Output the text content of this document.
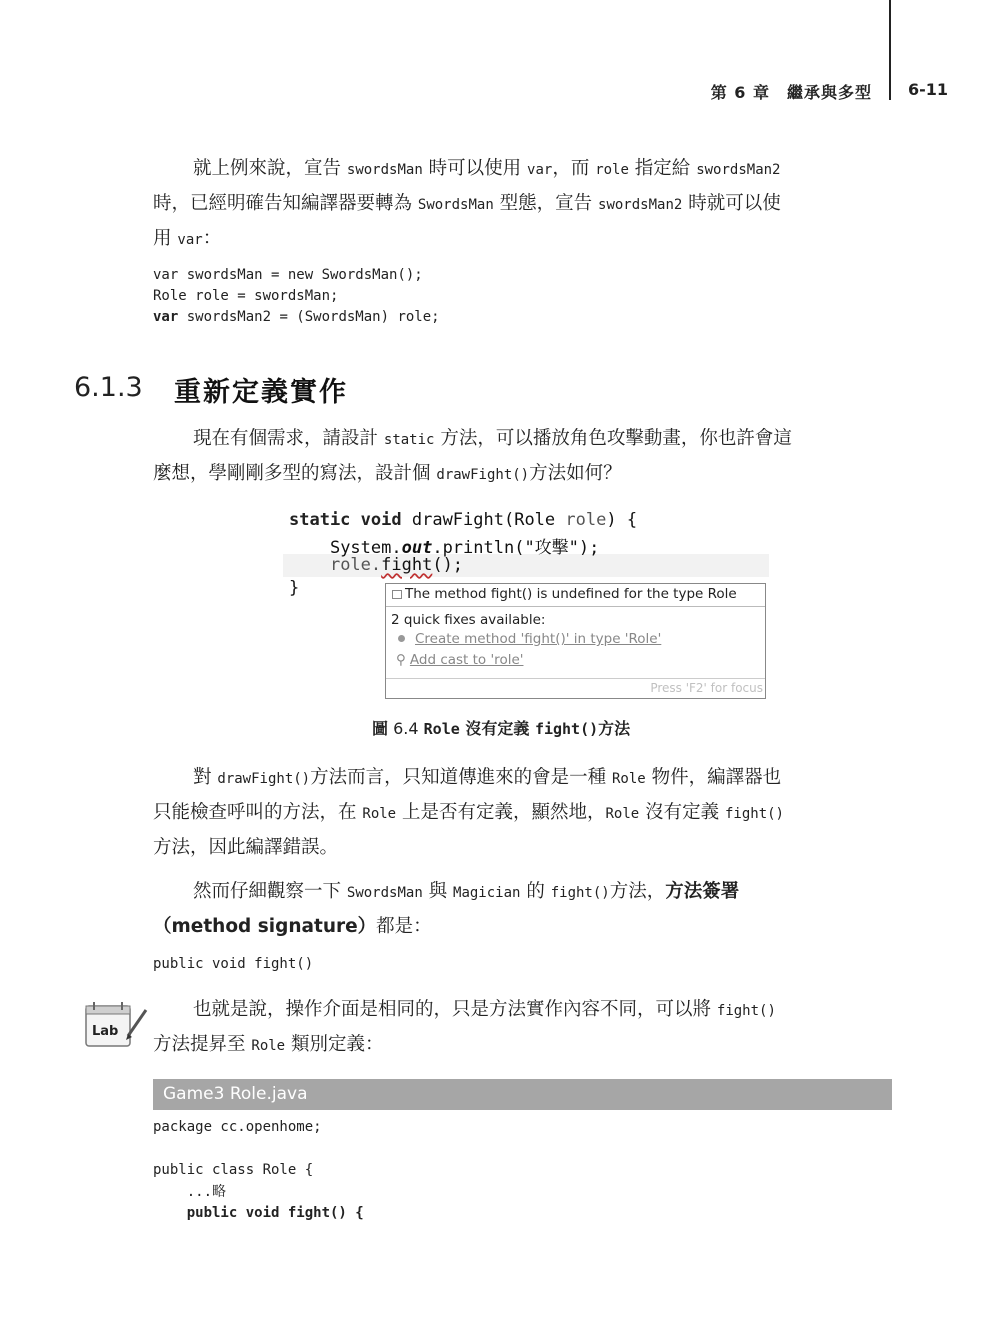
第 6 章　繼承與多型 6-11
就上例來說，宣告 swordsMan 時可以使用 var，而 role 指定給 swordsMan2
時，已經明確告知編譯器要轉為 SwordsMan 型態，宣告 swordsMan2 時就可以使
用 var：
var swordsMan = new SwordsMan();
Role role = swordsMan;
var swordsMan2 = (SwordsMan) role;
6.1.3 重新定義實作
現在有個需求，請設計 static 方法，可以播放角色攻擊動畫，你也許會這
麼想，學剛剛多型的寫法，設計個 drawFight()方法如何？
static void drawFight(Role role) {
System.out.println("攻擊");
role.fight();
}	The method fight() is undefined for the type Role
2 quick fixes available:
Create method 'fight()' in type 'Role'
⚲ Add cast to 'role'
Press 'F2' for focus
圖 6.4 Role 沒有定義 fight()方法
對 drawFight()方法而言，只知道傳進來的會是一種 Role 物件，編譯器也
只能檢查呼叫的方法，在 Role 上是否有定義，顯然地，Role 沒有定義 fight()
方法，因此編譯錯誤。
然而仔細觀察一下 SwordsMan 與 Magician 的 fight()方法，方法簽署
（method signature）都是：
public void fight()
Lab
也就是說，操作介面是相同的，只是方法實作內容不同，可以將 fight()
方法提昇至 Role 類別定義：
Game3 Role.java
package cc.openhome;

public class Role {
...略
public void fight() {
